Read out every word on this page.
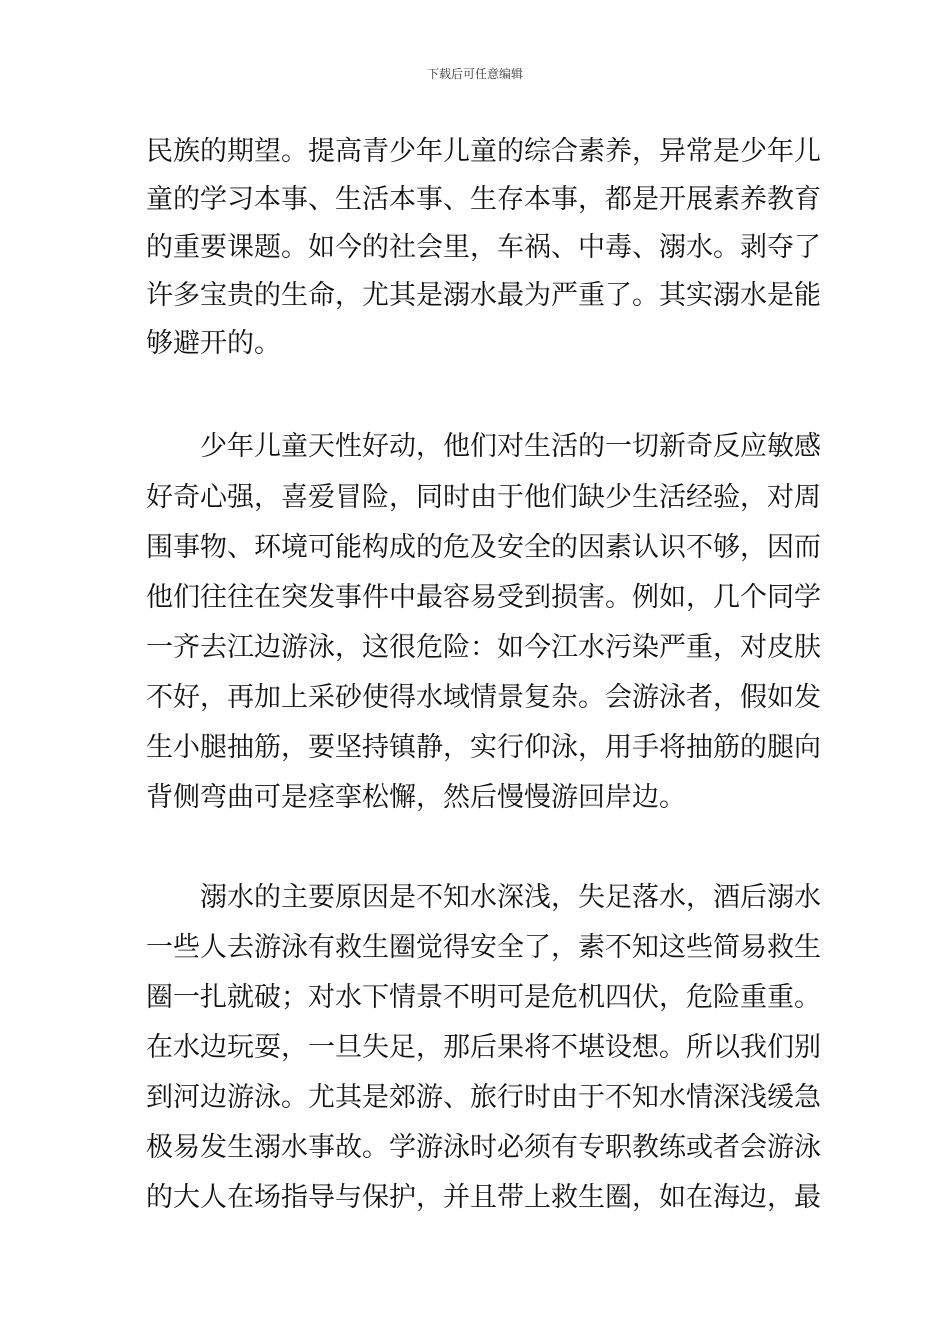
下载后可任意编辑
民族的期望。提高青少年儿童的综合素养，异常是少年儿
童的学习本事、生活本事、生存本事，都是开展素养教育
的重要课题。如今的社会里，车祸、中毒、溺水。剥夺了
许多宝贵的生命，尤其是溺水最为严重了。其实溺水是能
够避开的。
少年儿童天性好动，他们对生活的一切新奇反应敏感
好奇心强，喜爱冒险，同时由于他们缺少生活经验，对周
围事物、环境可能构成的危及安全的因素认识不够，因而
他们往往在突发事件中最容易受到损害。例如，几个同学
一齐去江边游泳，这很危险：如今江水污染严重，对皮肤
不好，再加上采砂使得水域情景复杂。会游泳者，假如发
生小腿抽筋，要坚持镇静，实行仰泳，用手将抽筋的腿向
背侧弯曲可是痉挛松懈，然后慢慢游回岸边。
溺水的主要原因是不知水深浅，失足落水，酒后溺水
一些人去游泳有救生圈觉得安全了，素不知这些简易救生
圈一扎就破；对水下情景不明可是危机四伏，危险重重。
在水边玩耍，一旦失足，那后果将不堪设想。所以我们别
到河边游泳。尤其是郊游、旅行时由于不知水情深浅缓急
极易发生溺水事故。学游泳时必须有专职教练或者会游泳
的大人在场指导与保护，并且带上救生圈，如在海边，最
